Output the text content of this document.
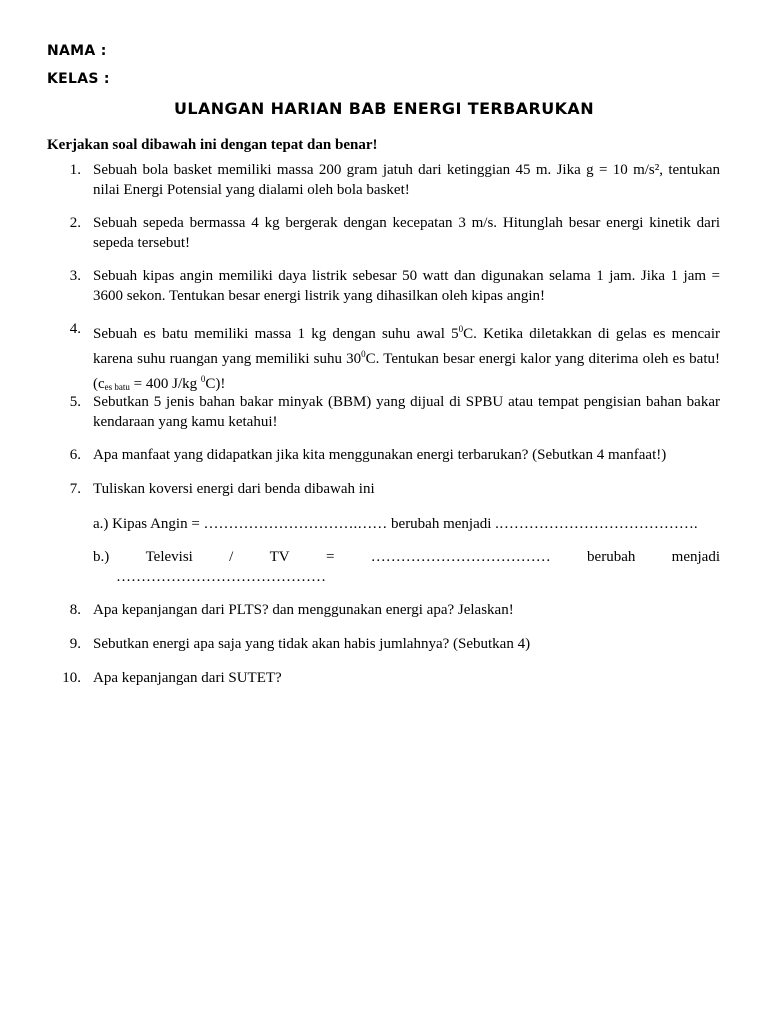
NAMA :
KELAS :
ULANGAN HARIAN BAB ENERGI TERBARUKAN
Kerjakan soal dibawah ini dengan tepat dan benar!
1. Sebuah bola basket memiliki massa 200 gram jatuh dari ketinggian 45 m. Jika g = 10 m/s², tentukan nilai Energi Potensial yang dialami oleh bola basket!
2. Sebuah sepeda bermassa 4 kg bergerak dengan kecepatan 3 m/s. Hitunglah besar energi kinetik dari sepeda tersebut!
3. Sebuah kipas angin memiliki daya listrik sebesar 50 watt dan digunakan selama 1 jam. Jika 1 jam = 3600 sekon. Tentukan besar energi listrik yang dihasilkan oleh kipas angin!
4. Sebuah es batu memiliki massa 1 kg dengan suhu awal $5^0C$. Ketika diletakkan di gelas es mencair karena suhu ruangan yang memiliki suhu $30^0C$. Tentukan besar energi kalor yang diterima oleh es batu! ($c_{es batu} = 400$ J/kg $^0$C)!
5. Sebutkan 5 jenis bahan bakar minyak (BBM) yang dijual di SPBU atau tempat pengisian bahan bakar kendaraan yang kamu ketahui!
6. Apa manfaat yang didapatkan jika kita menggunakan energi terbarukan? (Sebutkan 4 manfaat!)
7. Tuliskan koversi energi dari benda dibawah ini
a.) Kipas Angin = ………………………….…… berubah menjadi .………………………………….
b.) Televisi / TV = ……………………………… berubah menjadi
……………………………………
8. Apa kepanjangan dari PLTS? dan menggunakan energi apa? Jelaskan!
9. Sebutkan energi apa saja yang tidak akan habis jumlahnya? (Sebutkan 4)
10. Apa kepanjangan dari SUTET?
